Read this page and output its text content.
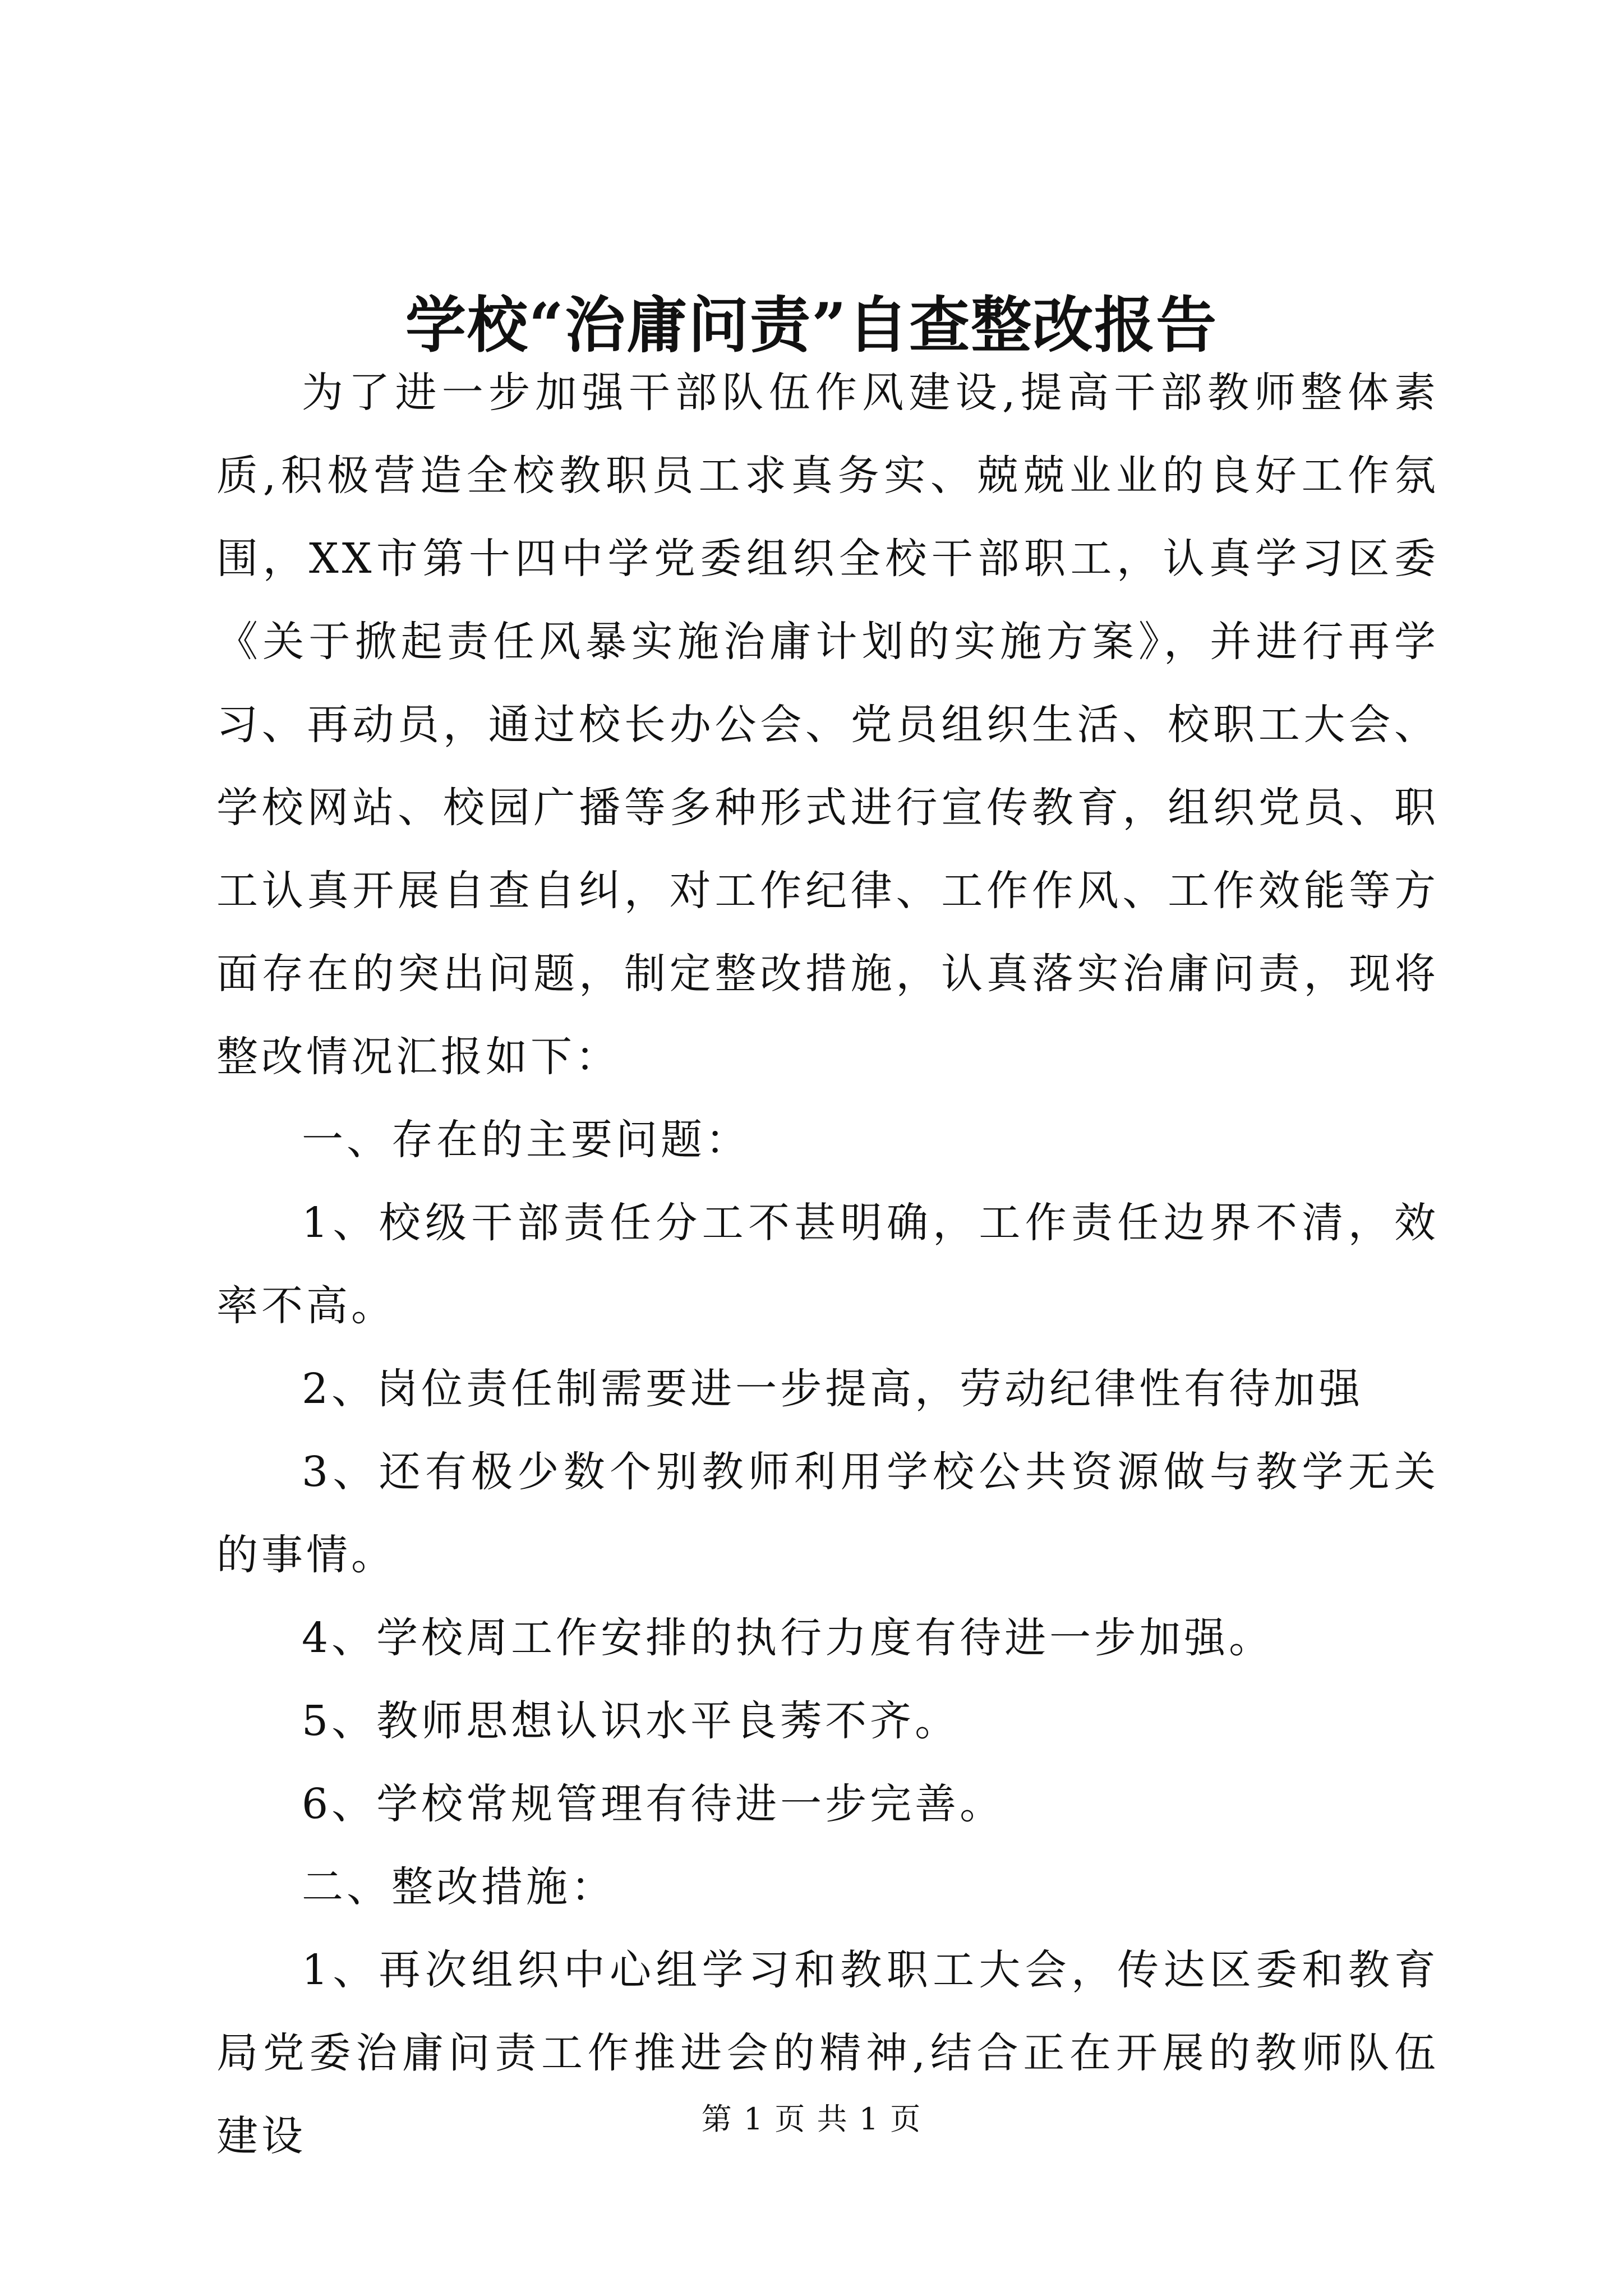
学校“治庸问责”自查整改报告

为了进一步加强干部队伍作风建设,提高干部教师整体素质,积极营造全校教职员工求真务实、兢兢业业的良好工作氛围，XX市第十四中学党委组织全校干部职工，认真学习区委《关于掀起责任风暴实施治庸计划的实施方案》，并进行再学习、再动员，通过校长办公会、党员组织生活、校职工大会、学校网站、校园广播等多种形式进行宣传教育，组织党员、职工认真开展自查自纠，对工作纪律、工作作风、工作效能等方面存在的突出问题，制定整改措施，认真落实治庸问责，现将整改情况汇报如下：

一、存在的主要问题：

1、校级干部责任分工不甚明确，工作责任边界不清，效率不高。

2、岗位责任制需要进一步提高，劳动纪律性有待加强

3、还有极少数个别教师利用学校公共资源做与教学无关的事情。

4、学校周工作安排的执行力度有待进一步加强。

5、教师思想认识水平良莠不齐。

6、学校常规管理有待进一步完善。

二、整改措施：

1、再次组织中心组学习和教职工大会，传达区委和教育局党委治庸问责工作推进会的精神,结合正在开展的教师队伍建设	第 1 页 共 1 页
